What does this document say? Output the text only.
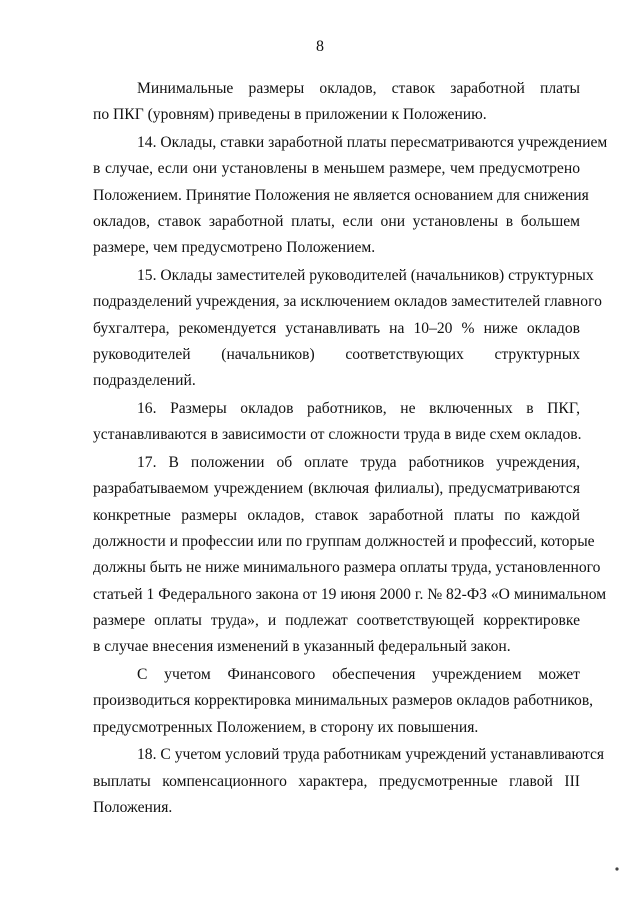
8
Минимальные размеры окладов, ставок заработной платы
по ПКГ (уровням) приведены в приложении к Положению.
14. Оклады, ставки заработной платы пересматриваются учреждением
в случае, если они установлены в меньшем размере, чем предусмотрено
Положением. Принятие Положения не является основанием для снижения
окладов, ставок заработной платы, если они установлены в большем
размере, чем предусмотрено Положением.
15. Оклады заместителей руководителей (начальников) структурных
подразделений учреждения, за исключением окладов заместителей главного
бухгалтера, рекомендуется устанавливать на 10–20 % ниже окладов
руководителей (начальников) соответствующих структурных
подразделений.
16. Размеры окладов работников, не включенных в ПКГ,
устанавливаются в зависимости от сложности труда в виде схем окладов.
17. В положении об оплате труда работников учреждения,
разрабатываемом учреждением (включая филиалы), предусматриваются
конкретные размеры окладов, ставок заработной платы по каждой
должности и профессии или по группам должностей и профессий, которые
должны быть не ниже минимального размера оплаты труда, установленного
статьей 1 Федерального закона от 19 июня 2000 г. № 82-ФЗ «О минимальном
размере оплаты труда», и подлежат соответствующей корректировке
в случае внесения изменений в указанный федеральный закон.
С учетом Финансового обеспечения учреждением может
производиться корректировка минимальных размеров окладов работников,
предусмотренных Положением, в сторону их повышения.
18. С учетом условий труда работникам учреждений устанавливаются
выплаты компенсационного характера, предусмотренные главой III
Положения.
